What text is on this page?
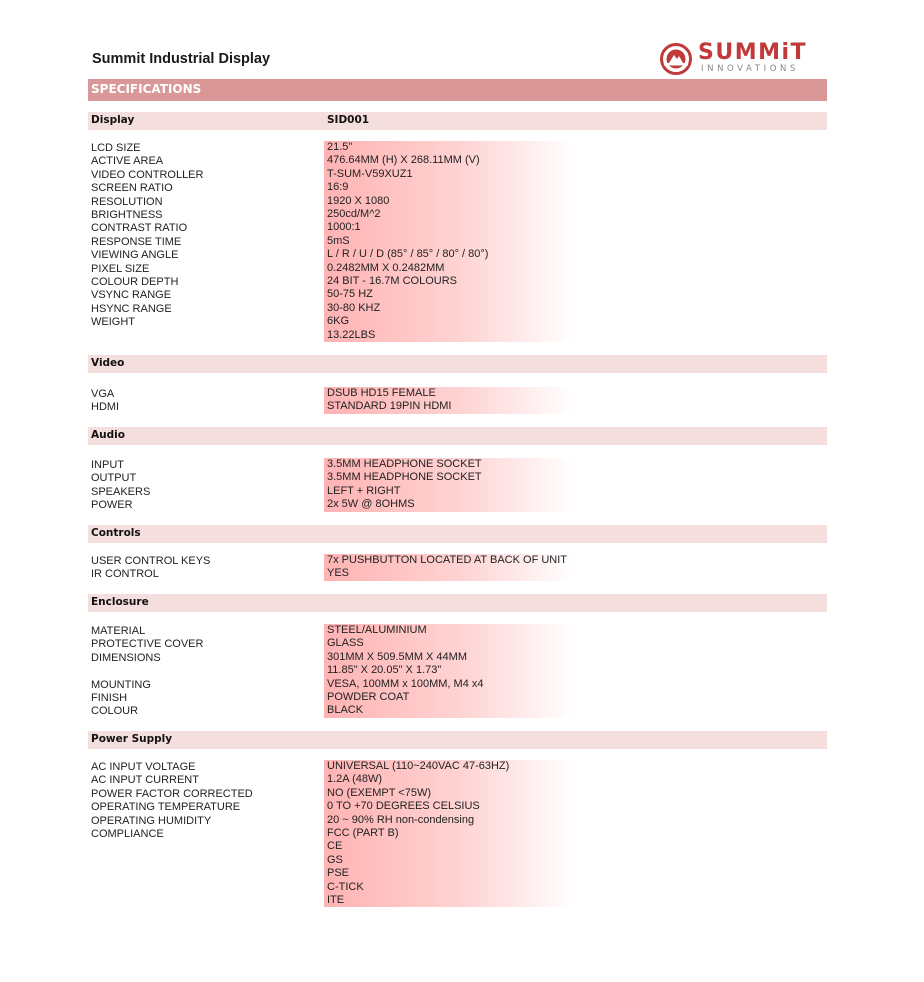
Summit Industrial Display	SUMMiT
INNOVATIONS
SPECIFICATIONS
Display	SID001
Video
Audio
Controls
Enclosure
Power Supply
LCD SIZE
ACTIVE AREA
VIDEO CONTROLLER
SCREEN RATIO
RESOLUTION
BRIGHTNESS
CONTRAST RATIO
RESPONSE TIME
VIEWING ANGLE
PIXEL SIZE
COLOUR DEPTH
VSYNC RANGE
HSYNC RANGE
WEIGHT
21.5"
476.64MM (H) X 268.11MM (V)
T-SUM-V59XUZ1
16:9
1920 X 1080
250cd/M^2
1000:1
5mS
L / R / U / D (85° / 85° / 80° / 80°)
0.2482MM X 0.2482MM
24 BIT - 16.7M COLOURS
50-75 HZ
30-80 KHZ
6KG
13.22LBS
VGA
HDMI
DSUB HD15 FEMALE
STANDARD 19PIN HDMI
INPUT
OUTPUT
SPEAKERS
POWER
3.5MM HEADPHONE SOCKET
3.5MM HEADPHONE SOCKET
LEFT + RIGHT
2x 5W @ 8OHMS
USER CONTROL KEYS
IR CONTROL
7x PUSHBUTTON LOCATED AT BACK OF UNIT
YES
MATERIAL
PROTECTIVE COVER
DIMENSIONS
MOUNTING
FINISH
COLOUR
STEEL/ALUMINIUM
GLASS
301MM X 509.5MM X 44MM
11.85" X 20.05" X 1.73"
VESA, 100MM x 100MM, M4 x4
POWDER COAT
BLACK
AC INPUT VOLTAGE
AC INPUT CURRENT
POWER FACTOR CORRECTED
OPERATING TEMPERATURE
OPERATING HUMIDITY
COMPLIANCE
UNIVERSAL (110~240VAC 47-63HZ)
1.2A (48W)
NO (EXEMPT <75W)
0 TO +70 DEGREES CELSIUS
20 ~ 90% RH non-condensing
FCC (PART B)
CE
GS
PSE
C-TICK
ITE
